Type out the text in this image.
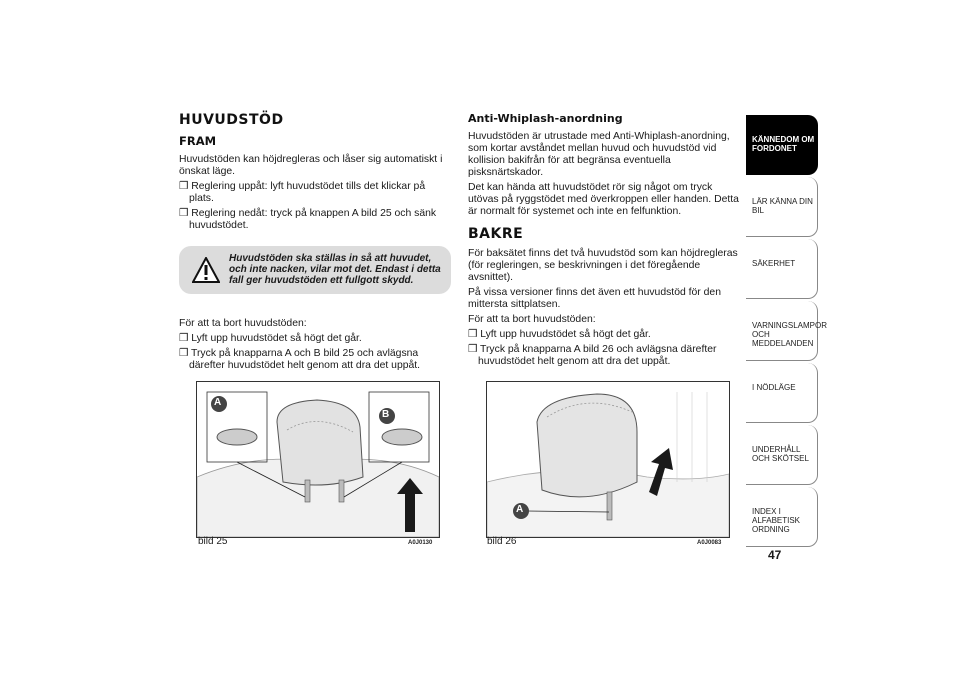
HUVUDSTÖD
FRAM

Huvudstöden kan höjdregleras och låser sig automatiskt i önskat läge.

❒ Reglering uppåt: lyft huvudstödet tills det klickar på plats.

❒ Reglering nedåt: tryck på knappen A bild 25 och sänk huvudstödet.

Huvudstöden ska ställas in så att huvudet, och inte nacken, vilar mot det. Endast i detta fall ger huvudstöden ett fullgott skydd.

För att ta bort huvudstöden:

❒ Lyft upp huvudstödet så högt det går.

❒ Tryck på knapparna A och B bild 25 och avlägsna därefter huvudstödet helt genom att dra det uppåt.

Anti-Whiplash-anordning

Huvudstöden är utrustade med Anti-Whiplash-anordning, som kortar avståndet mellan huvud och huvudstöd vid kollision bakifrån för att begränsa eventuella pisksnärtskador.

Det kan hända att huvudstödet rör sig något om tryck utövas på ryggstödet med överkroppen eller handen. Detta är normalt för systemet och inte en felfunktion.

BAKRE

För baksätet finns det två huvudstöd som kan höjdregleras (för regleringen, se beskrivningen i det föregående avsnittet).

På vissa versioner finns det även ett huvudstöd för den mittersta sittplatsen.

För att ta bort huvudstöden:

❒ Lyft upp huvudstödet så högt det går.

❒ Tryck på knapparna A bild 26 och avlägsna därefter huvudstödet helt genom att dra det uppåt.

A
B
bild 25	A0J0130
A
bild 26	A0J0083
KÄNNEDOM OM FORDONET
LÄR KÄNNA DIN BIL
SÄKERHET
VARNINGSLAMPOR OCH MEDDELANDEN
I NÖDLÄGE
UNDERHÅLL OCH SKÖTSEL
INDEX I ALFABETISK ORDNING
47
